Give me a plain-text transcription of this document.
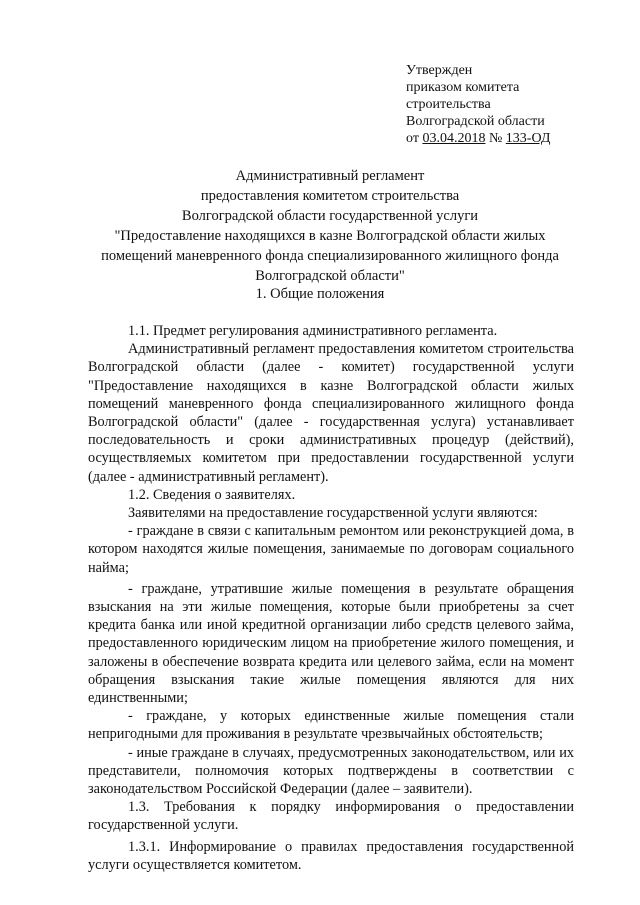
Утвержден
приказом комитета
строительства
Волгоградской области
от 03.04.2018 № 133-ОД
Административный регламент
предоставления комитетом строительства
Волгоградской области государственной услуги
"Предоставление находящихся в казне Волгоградской области жилых
помещений маневренного фонда специализированного жилищного фонда
Волгоградской области"
1. Общие положения

1.1. Предмет регулирования административного регламента.

Административный регламент предоставления комитетом строительства Волгоградской области (далее - комитет) государственной услуги "Предоставление находящихся в казне Волгоградской области жилых помещений маневренного фонда специализированного жилищного фонда Волгоградской области" (далее - государственная услуга) устанавливает последовательность и сроки административных процедур (действий), осуществляемых комитетом при предоставлении государственной услуги (далее - административный регламент).

1.2. Сведения о заявителях.

Заявителями на предоставление государственной услуги являются:

- граждане в связи с капитальным ремонтом или реконструкцией дома, в котором находятся жилые помещения, занимаемые по договорам социального найма;

- граждане, утратившие жилые помещения в результате обращения взыскания на эти жилые помещения, которые были приобретены за счет кредита банка или иной кредитной организации либо средств целевого займа, предоставленного юридическим лицом на приобретение жилого помещения, и заложены в обеспечение возврата кредита или целевого займа, если на момент обращения взыскания такие жилые помещения являются для них единственными;

- граждане, у которых единственные жилые помещения стали непригодными для проживания в результате чрезвычайных обстоятельств;

- иные граждане в случаях, предусмотренных законодательством, или их представители, полномочия которых подтверждены в соответствии с законодательством Российской Федерации (далее – заявители).

1.3. Требования к порядку информирования о предоставлении государственной услуги.

1.3.1. Информирование о правилах предоставления государственной услуги осуществляется комитетом.
